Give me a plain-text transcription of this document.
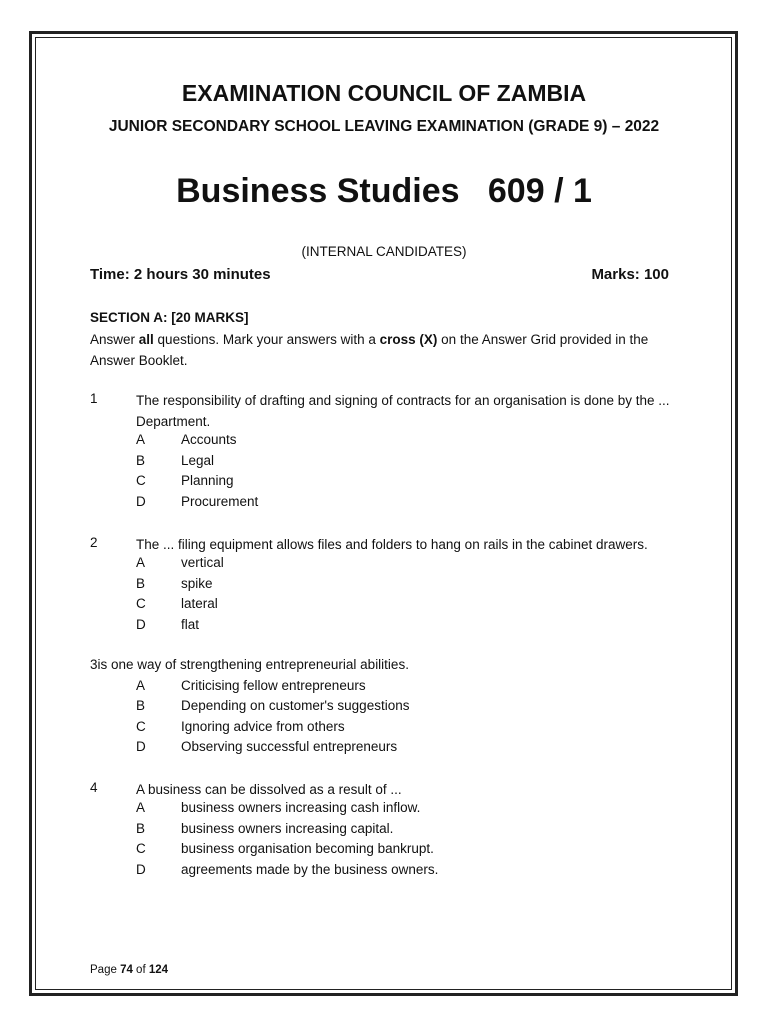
EXAMINATION COUNCIL OF ZAMBIA
JUNIOR SECONDARY SCHOOL LEAVING EXAMINATION (GRADE 9) – 2022
Business Studies 609 / 1
(INTERNAL CANDIDATES)
Time: 2 hours 30 minutes	Marks: 100
SECTION A: [20 MARKS]
Answer all questions. Mark your answers with a cross (X) on the Answer Grid provided in the Answer Booklet.
1	The responsibility of drafting and signing of contracts for an organisation is done by the ... Department.
A	Accounts
B	Legal
C	Planning
D	Procurement
2	The ... filing equipment allows files and folders to hang on rails in the cabinet drawers.
A	vertical
B	spike
C	lateral
D	flat
3is one way of strengthening entrepreneurial abilities.
A	Criticising fellow entrepreneurs
B	Depending on customer's suggestions
C	Ignoring advice from others
D	Observing successful entrepreneurs
4	A business can be dissolved as a result of ...
A	business owners increasing cash inflow.
B	business owners increasing capital.
C	business organisation becoming bankrupt.
D	agreements made by the business owners.
Page 74 of 124
